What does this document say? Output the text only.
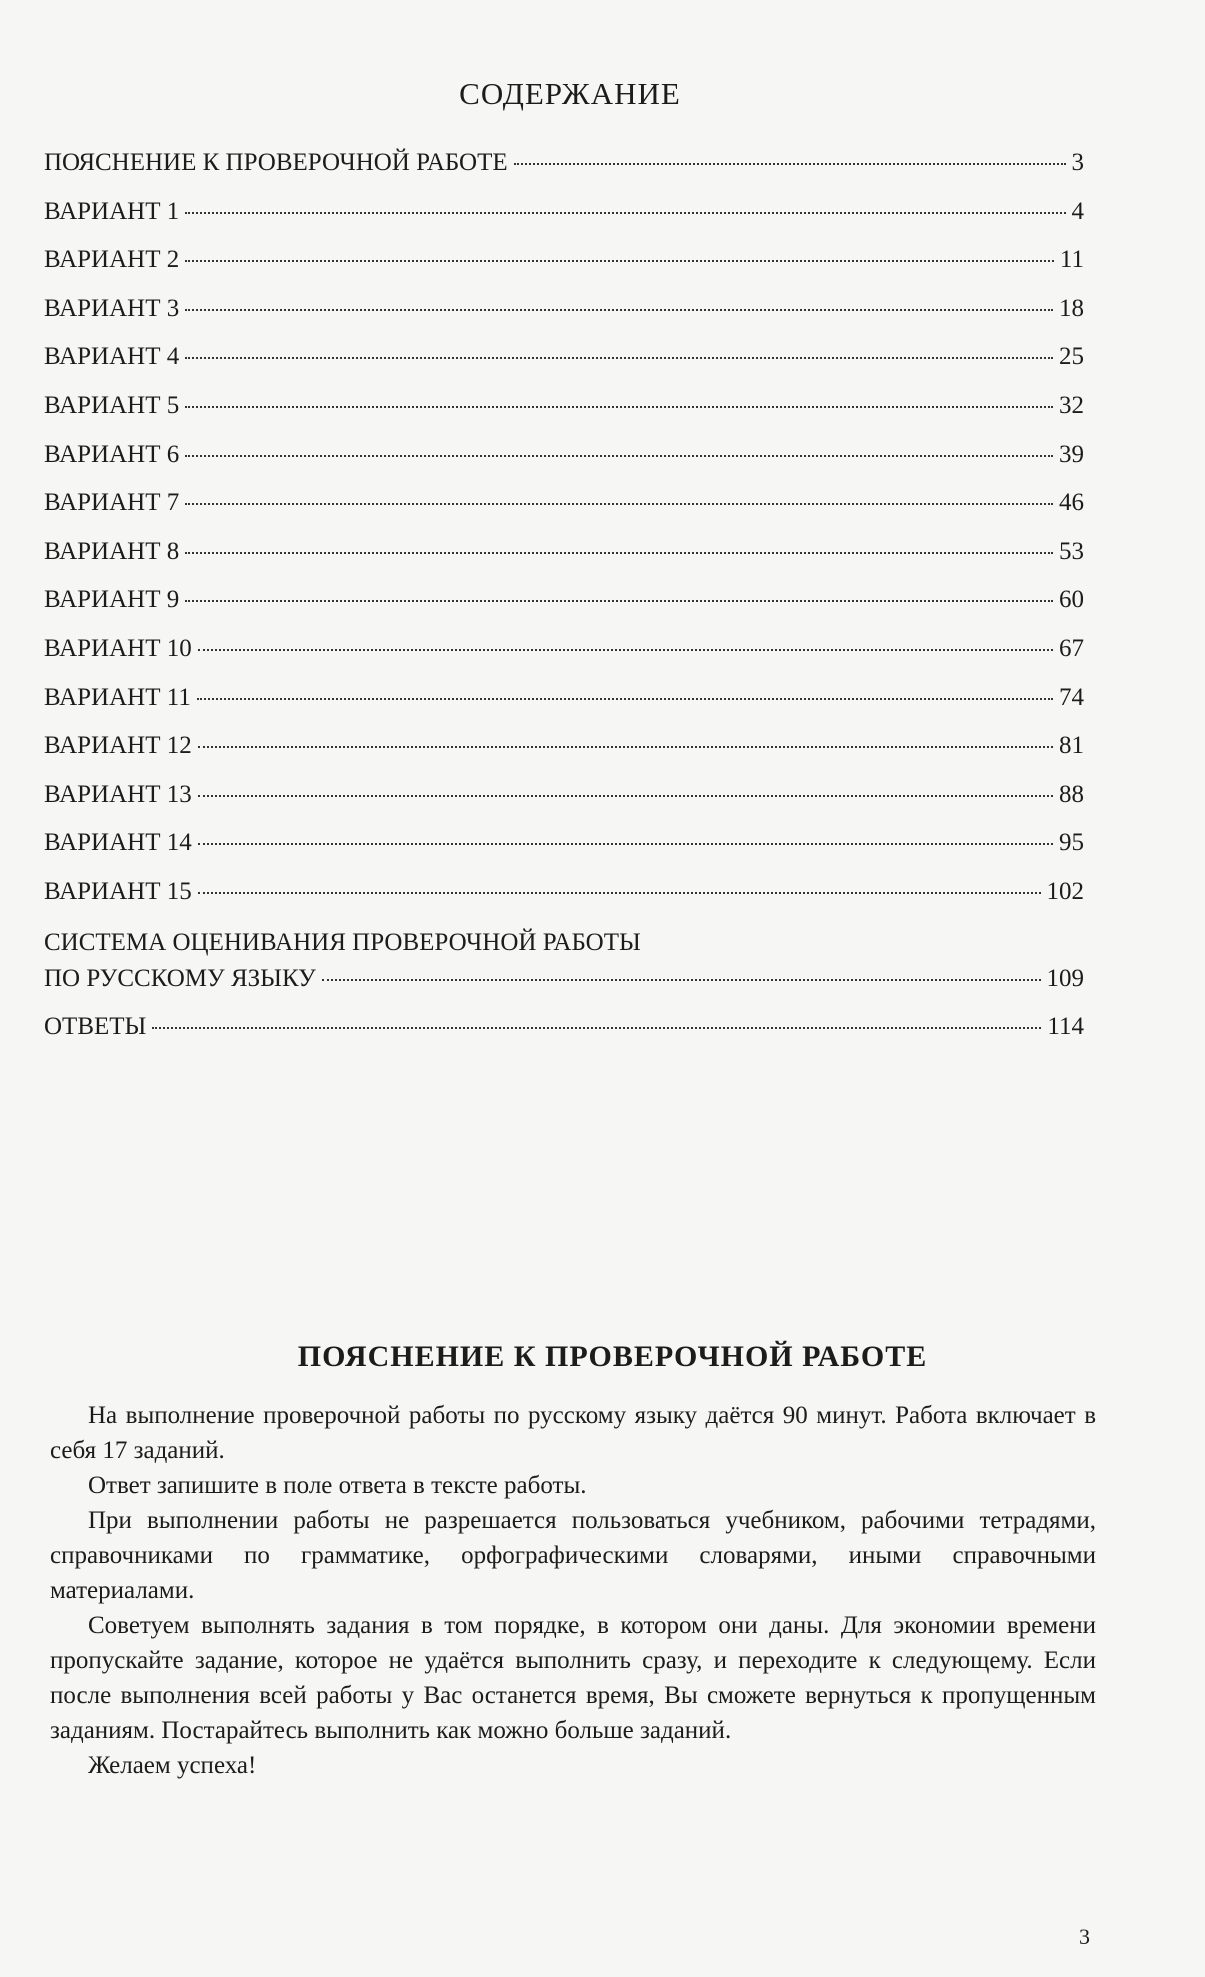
СОДЕРЖАНИЕ
ПОЯСНЕНИЕ К ПРОВЕРОЧНОЙ РАБОТЕ	3
ВАРИАНТ 1	4
ВАРИАНТ 2	11
ВАРИАНТ 3	18
ВАРИАНТ 4	25
ВАРИАНТ 5	32
ВАРИАНТ 6	39
ВАРИАНТ 7	46
ВАРИАНТ 8	53
ВАРИАНТ 9	60
ВАРИАНТ 10	67
ВАРИАНТ 11	74
ВАРИАНТ 12	81
ВАРИАНТ 13	88
ВАРИАНТ 14	95
ВАРИАНТ 15	102
СИСТЕМА ОЦЕНИВАНИЯ ПРОВЕРОЧНОЙ РАБОТЫ
ПО РУССКОМУ ЯЗЫКУ	109
ОТВЕТЫ	114
ПОЯСНЕНИЕ К ПРОВЕРОЧНОЙ РАБОТЕ

На выполнение проверочной работы по русскому языку даётся 90 минут. Работа включает в себя 17 заданий.

Ответ запишите в поле ответа в тексте работы.

При выполнении работы не разрешается пользоваться учебником, рабочими тетрадями, справочниками по грамматике, орфографическими словарями, иными справочными материалами.

Советуем выполнять задания в том порядке, в котором они даны. Для экономии времени пропускайте задание, которое не удаётся выполнить сразу, и переходите к следующему. Если после выполнения всей работы у Вас останется время, Вы сможете вернуться к пропущенным заданиям. Постарайтесь выполнить как можно больше заданий.

Желаем успеха!

3
